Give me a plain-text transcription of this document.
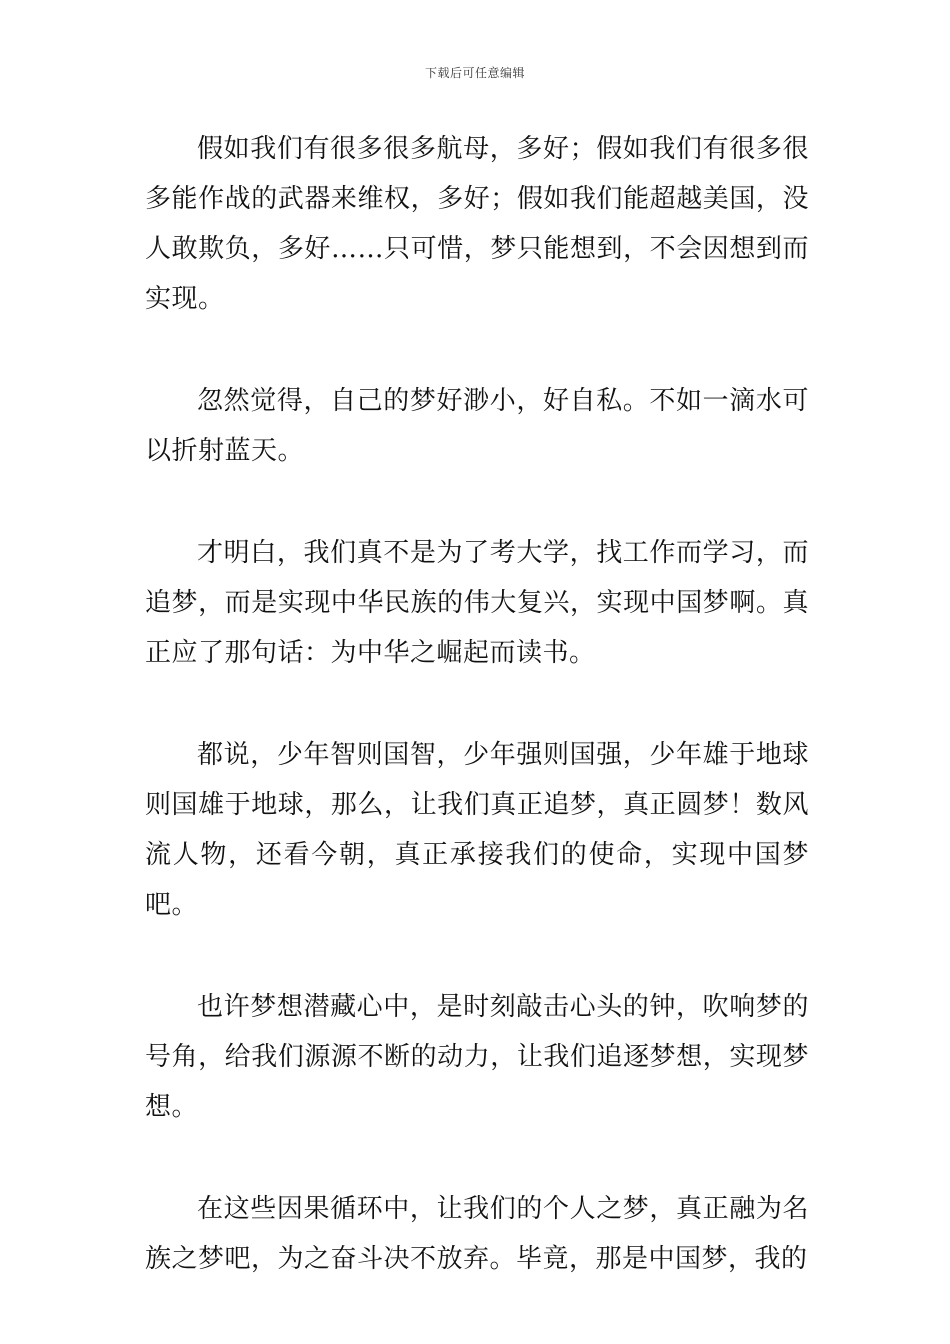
下载后可任意编辑

假如我们有很多很多航母，多好；假如我们有很多很多能作战的武器来维权，多好；假如我们能超越美国，没人敢欺负，多好……只可惜，梦只能想到，不会因想到而实现。

忽然觉得，自己的梦好渺小，好自私。不如一滴水可以折射蓝天。

才明白，我们真不是为了考大学，找工作而学习，而追梦，而是实现中华民族的伟大复兴，实现中国梦啊。真正应了那句话：为中华之崛起而读书。

都说，少年智则国智，少年强则国强，少年雄于地球则国雄于地球，那么，让我们真正追梦，真正圆梦！数风流人物，还看今朝，真正承接我们的使命，实现中国梦吧。

也许梦想潜藏心中，是时刻敲击心头的钟，吹响梦的号角，给我们源源不断的动力，让我们追逐梦想，实现梦想。

在这些因果循环中，让我们的个人之梦，真正融为名族之梦吧，为之奋斗决不放弃。毕竟，那是中国梦，我的
